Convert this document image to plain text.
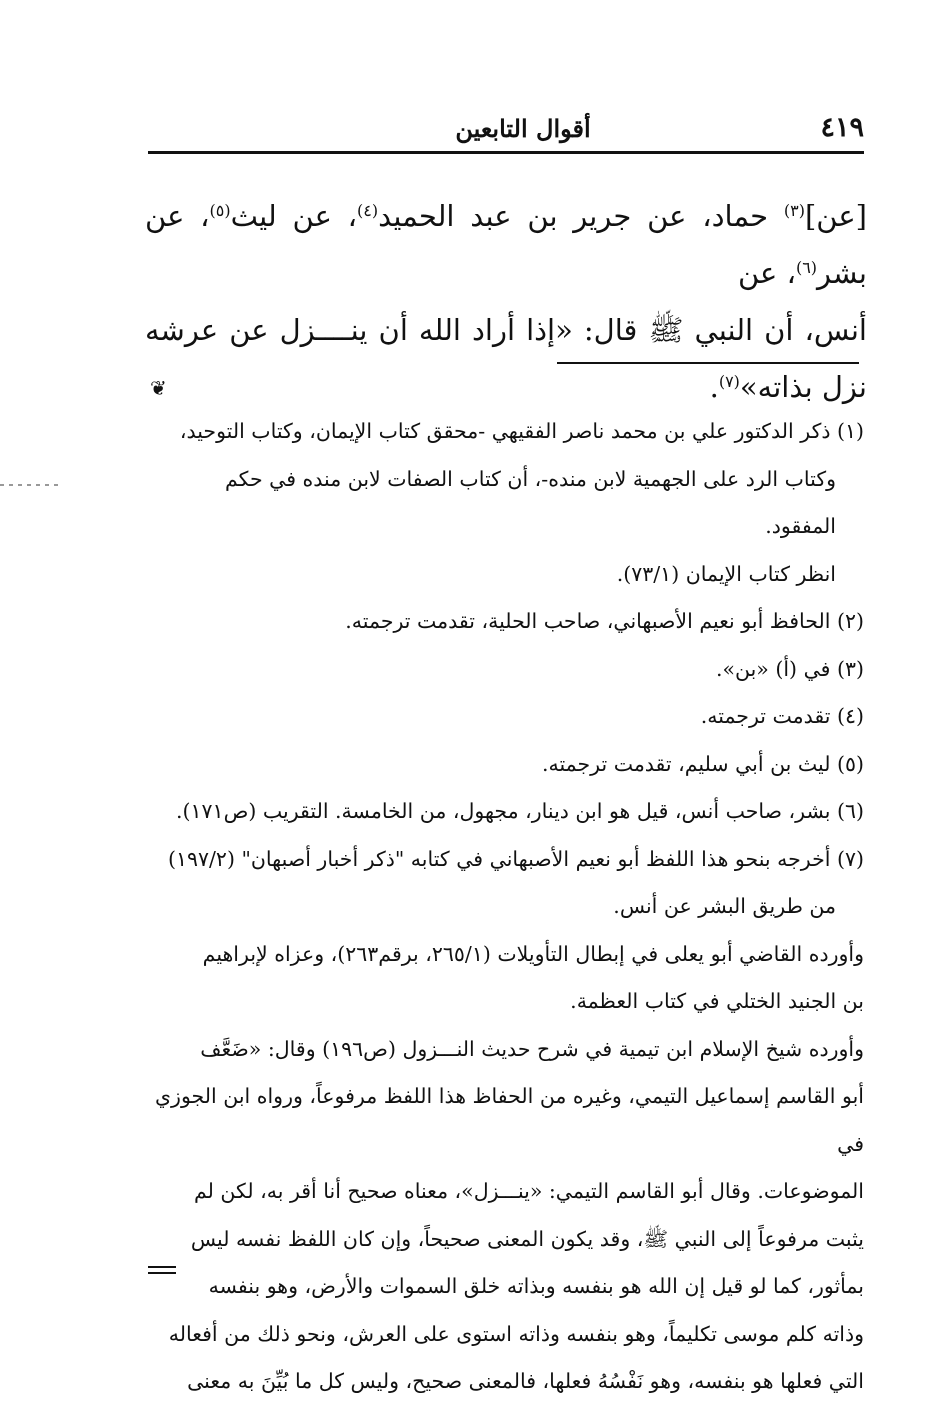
٤١٩
أقوال التابعين
[عن]$^{(٣)}$ حماد، عن جرير بن عبد الحميد$^{(٤)}$، عن ليث$^{(٥)}$، عن بشر$^{(٦)}$، عن
أنس، أن النبي ﷺ قال: «إذا أراد الله أن ينــــزل عن عرشه نزل بذاته»$^{(٧)}$.
❦
(١) ذكر الدكتور علي بن محمد ناصر الفقيهي -محقق كتاب الإيمان، وكتاب التوحيد،
وكتاب الرد على الجهمية لابن منده-، أن كتاب الصفات لابن منده في حكم المفقود.
انظر كتاب الإيمان (٧٣/١).
(٢) الحافظ أبو نعيم الأصبهاني، صاحب الحلية، تقدمت ترجمته.
(٣) في (أ) «بن».
(٤) تقدمت ترجمته.
(٥) ليث بن أبي سليم، تقدمت ترجمته.
(٦) بشر، صاحب أنس، قيل هو ابن دينار، مجهول، من الخامسة. التقريب (ص١٧١).
(٧) أخرجه بنحو هذا اللفظ أبو نعيم الأصبهاني في كتابه "ذكر أخبار أصبهان" (١٩٧/٢)
من طريق البشر عن أنس.
وأورده القاضي أبو يعلى في إبطال التأويلات (٢٦٥/١، برقم٢٦٣)، وعزاه لإبراهيم
بن الجنيد الختلي في كتاب العظمة.
وأورده شيخ الإسلام ابن تيمية في شرح حديث النـــزول (ص١٩٦) وقال: «ضَعَّف
أبو القاسم إسماعيل التيمي، وغيره من الحفاظ هذا اللفظ مرفوعاً، ورواه ابن الجوزي في
الموضوعات. وقال أبو القاسم التيمي: «ينـــزل»، معناه صحيح أنا أقر به، لكن لم
يثبت مرفوعاً إلى النبي ﷺ، وقد يكون المعنى صحيحاً، وإن كان اللفظ نفسه ليس
بمأثور، كما لو قيل إن الله هو بنفسه وبذاته خلق السموات والأرض، وهو بنفسه
وذاته كلم موسى تكليماً، وهو بنفسه وذاته استوى على العرش، ونحو ذلك من أفعاله
التي فعلها هو بنفسه، وهو نَفْسُهُ فعلها، فالمعنى صحيح، وليس كل ما بُيِّنَ به معنى
